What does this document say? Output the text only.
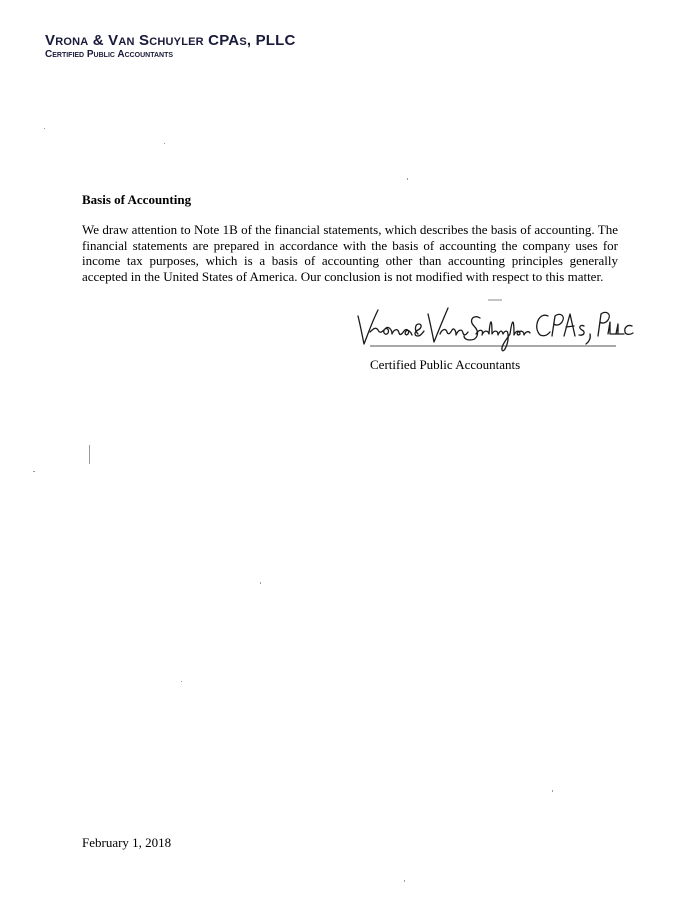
Vrona & Van Schuyler CPAs, PLLC
Certified Public Accountants
Basis of Accounting

We draw attention to Note 1B of the financial statements, which describes the basis of accounting. The financial statements are prepared in accordance with the basis of accounting the company uses for income tax purposes, which is a basis of accounting other than accounting principles generally accepted in the United States of America. Our conclusion is not modified with respect to this matter.

Certified Public Accountants
February 1, 2018
